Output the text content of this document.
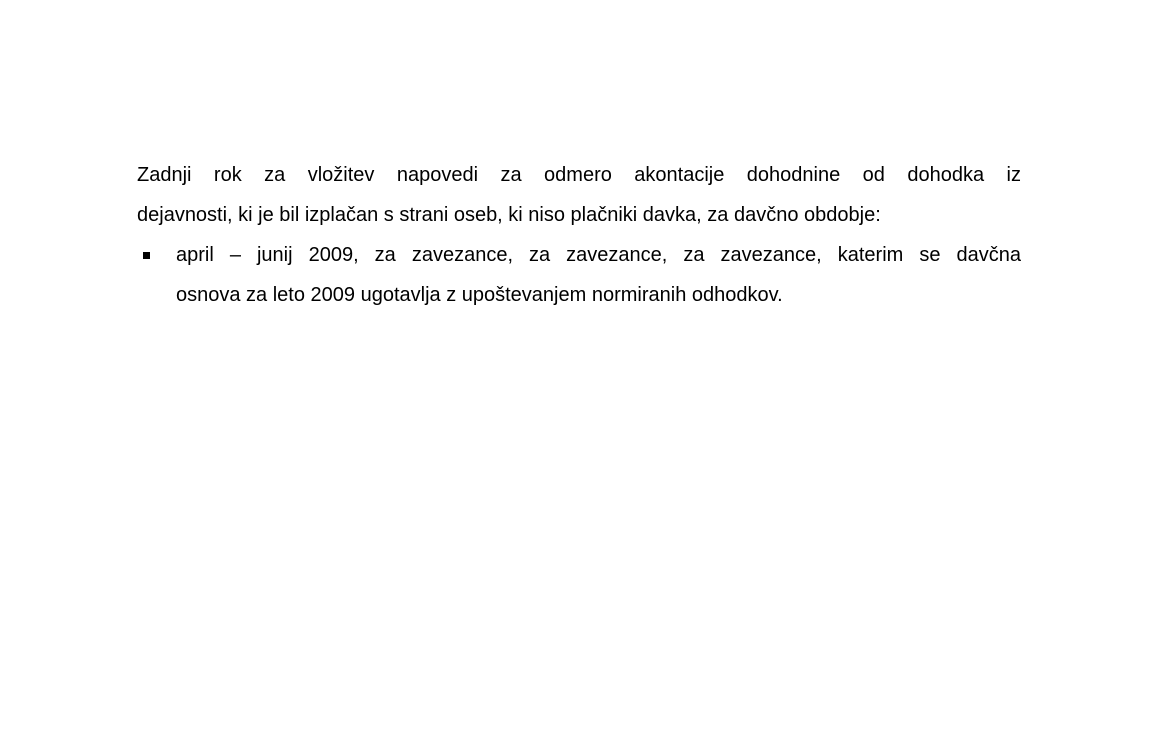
Zadnji rok za vložitev napovedi za odmero akontacije dohodnine od dohodka iz
dejavnosti, ki je bil izplačan s strani oseb, ki niso plačniki davka, za davčno obdobje:
april – junij 2009, za zavezance, za zavezance, za zavezance, katerim se davčna
osnova za leto 2009 ugotavlja z upoštevanjem normiranih odhodkov.
